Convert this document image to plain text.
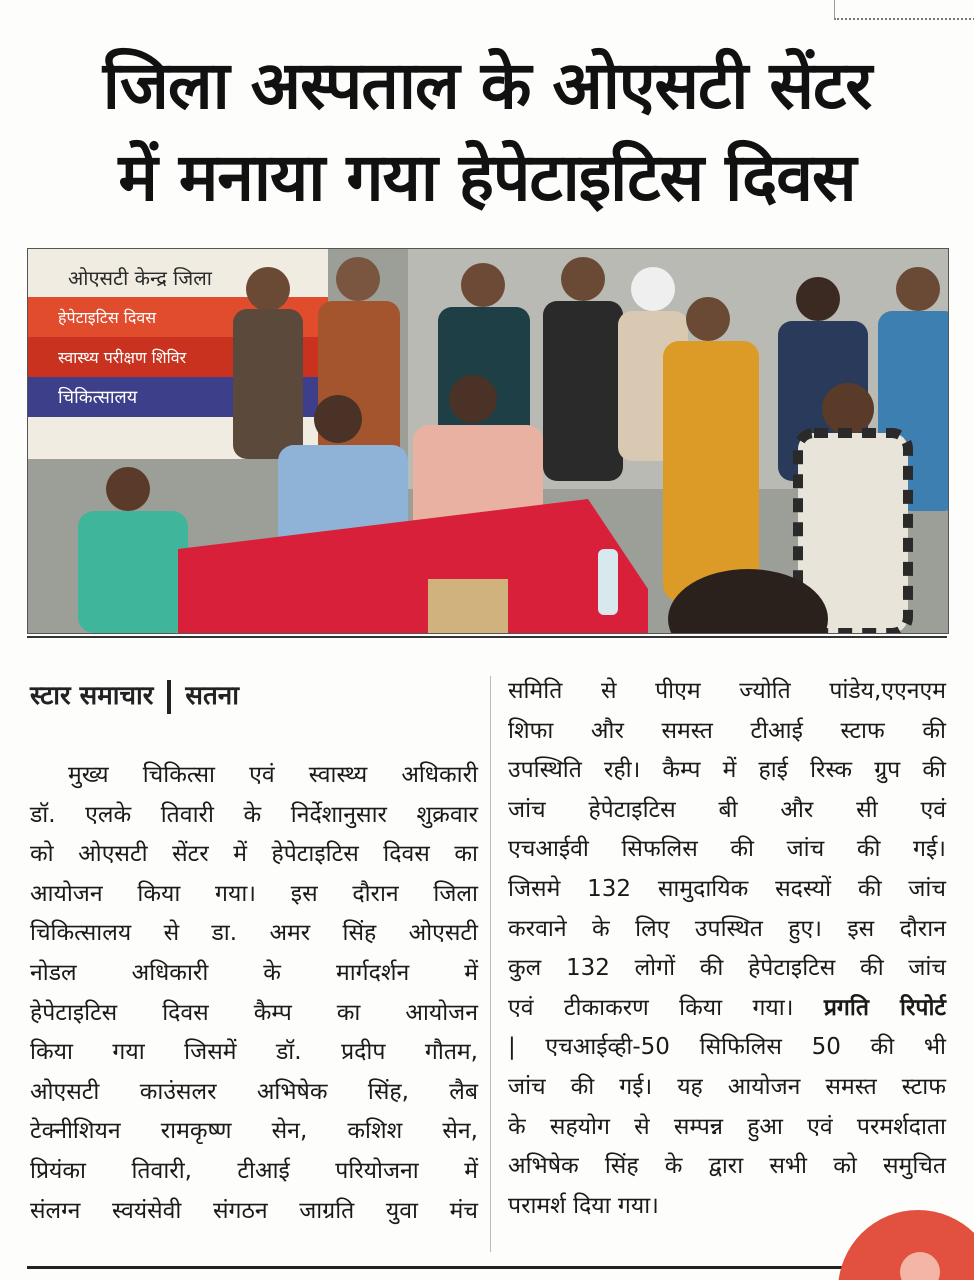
जिला अस्पताल के ओएसटी सेंटर
में मनाया गया हेपेटाइटिस दिवस
ओएसटी केन्द्र जिला
हेपेटाइटिस दिवस
स्वास्थ्य परीक्षण शिविर
चिकित्सालय
स्टार समाचार सतना
मुख्य चिकित्सा एवं स्वास्थ्य अधिकारी
डॉ. एलके तिवारी के निर्देशानुसार शुक्रवार
को ओएसटी सेंटर में हेपेटाइटिस दिवस का
आयोजन किया गया। इस दौरान जिला
चिकित्सालय से डा. अमर सिंह ओएसटी
नोडल अधिकारी के मार्गदर्शन में
हेपेटाइटिस दिवस कैम्प का आयोजन
किया गया जिसमें डॉ. प्रदीप गौतम,
ओएसटी काउंसलर अभिषेक सिंह, लैब
टेक्नीशियन रामकृष्ण सेन, कशिश सेन,
प्रियंका तिवारी, टीआई परियोजना में
संलग्न स्वयंसेवी संगठन जाग्रति युवा मंच
समिति से पीएम ज्योति पांडेय,एएनएम
शिफा और समस्त टीआई स्टाफ की
उपस्थिति रही। कैम्प में हाई रिस्क ग्रुप की
जांच हेपेटाइटिस बी और सी एवं
एचआईवी सिफलिस की जांच की गई।
जिसमे 132 सामुदायिक सदस्यों की जांच
करवाने के लिए उपस्थित हुए। इस दौरान
कुल 132 लोगों की हेपेटाइटिस की जांच
एवं टीकाकरण किया गया। प्रगति रिपोर्ट
| एचआईव्ही-50 सिफिलिस 50 की भी
जांच की गई। यह आयोजन समस्त स्टाफ
के सहयोग से सम्पन्न हुआ एवं परमर्शदाता
अभिषेक सिंह के द्वारा सभी को समुचित
परामर्श दिया गया।
